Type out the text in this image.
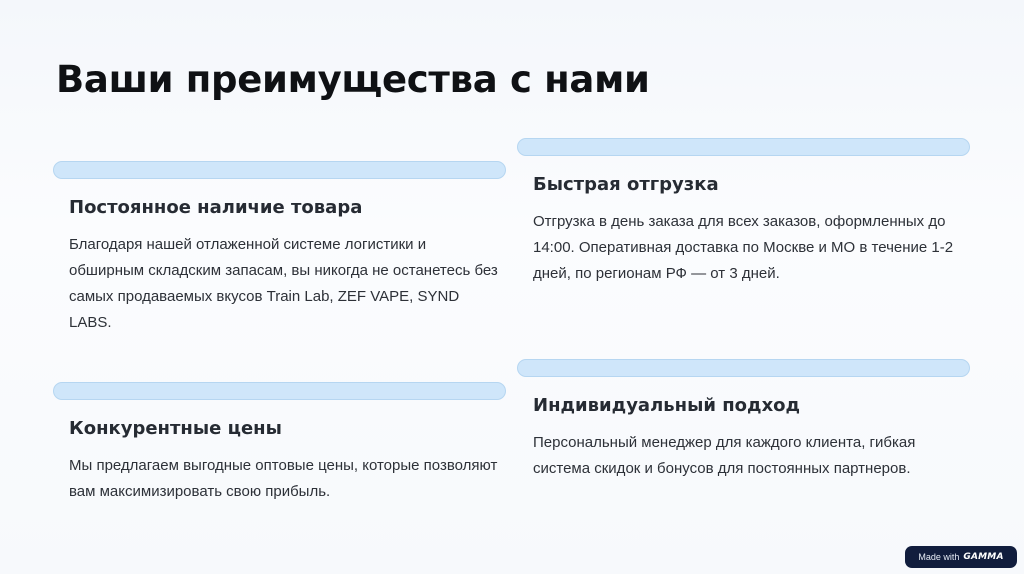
Ваши преимущества с нами
Постоянное наличие товара

Благодаря нашей отлаженной системе логистики и обширным складским запасам, вы никогда не останетесь без самых продаваемых вкусов Train Lab, ZEF VAPE, SYND LABS.

Быстрая отгрузка

Отгрузка в день заказа для всех заказов, оформленных до 14:00. Оперативная доставка по Москве и МО в течение 1-2 дней, по регионам РФ — от 3 дней.

Конкурентные цены

Мы предлагаем выгодные оптовые цены, которые позволяют вам максимизировать свою прибыль.

Индивидуальный подход

Персональный менеджер для каждого клиента, гибкая система скидок и бонусов для постоянных партнеров.

Made with GAMMA
